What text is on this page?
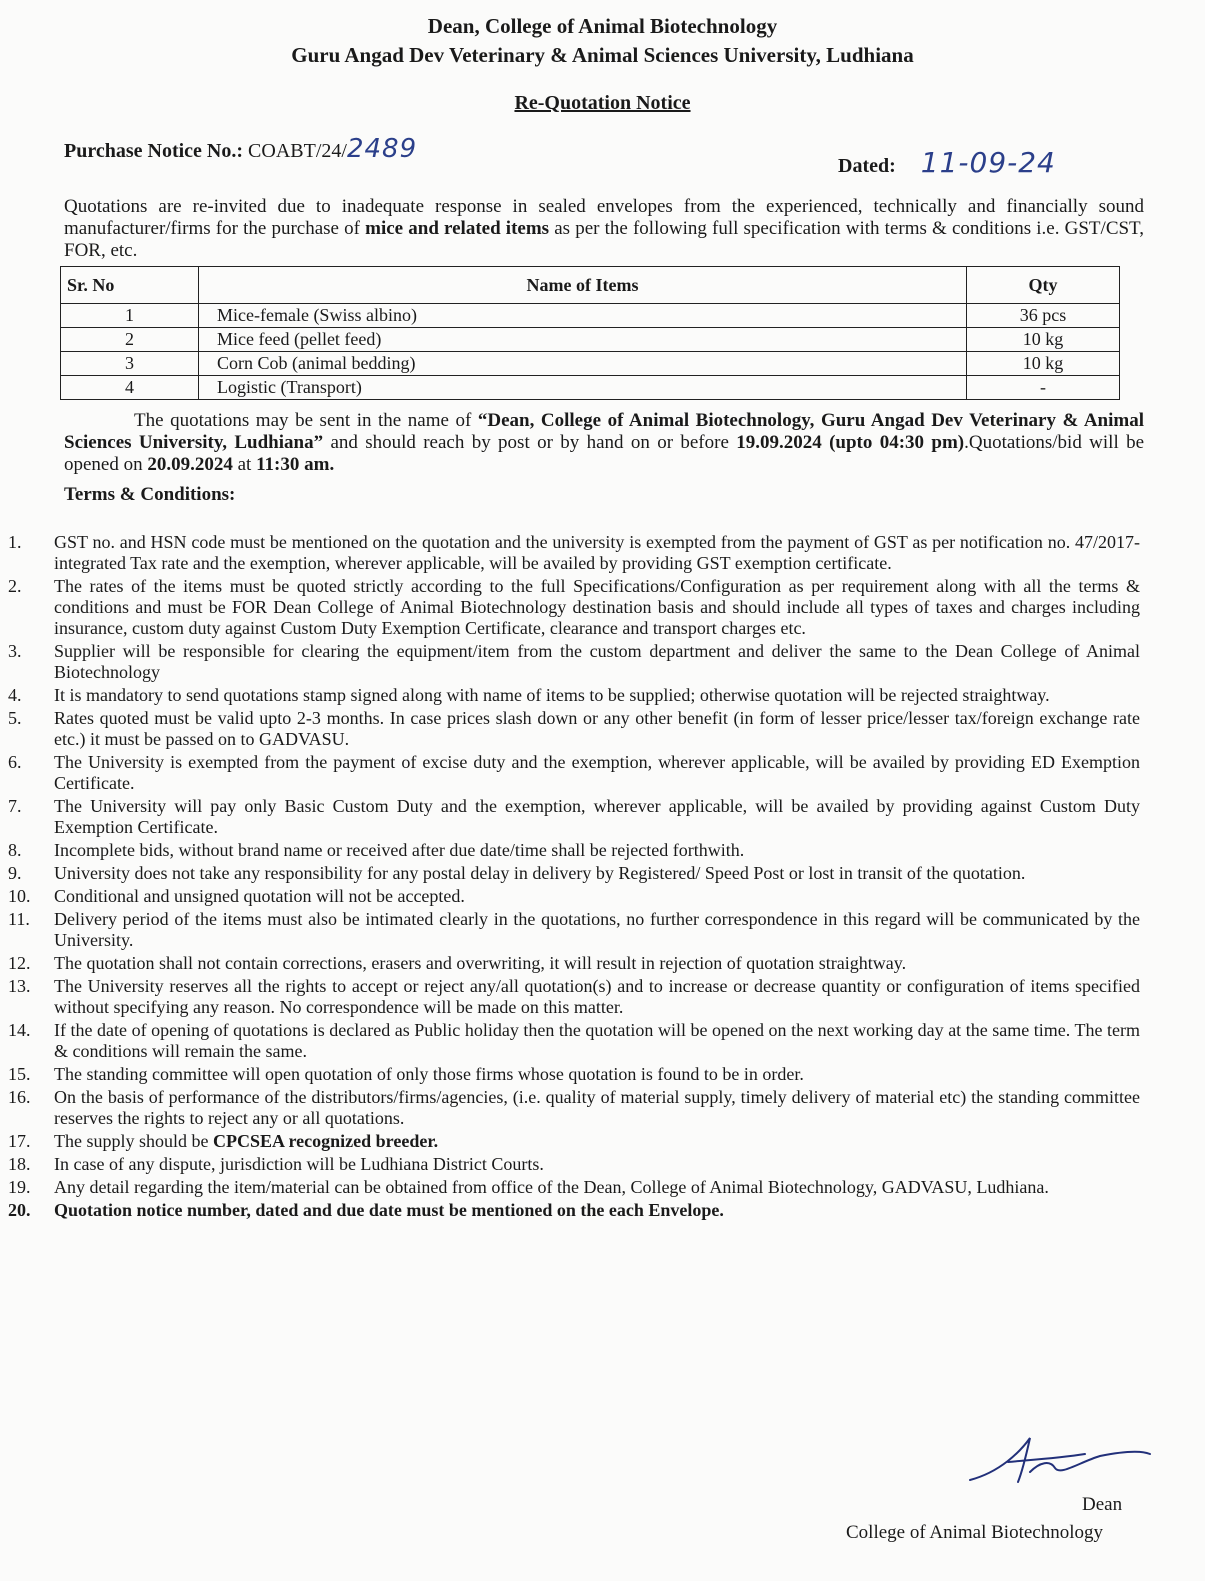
Dean, College of Animal Biotechnology
Guru Angad Dev Veterinary & Animal Sciences University, Ludhiana
Re-Quotation Notice
Purchase Notice No.: COABT/24/2489
Dated: 11-09-24
Quotations are re-invited due to inadequate response in sealed envelopes from the experienced, technically and financially sound manufacturer/firms for the purchase of mice and related items as per the following full specification with terms & conditions i.e. GST/CST, FOR, etc.
Sr. No	Name of Items	Qty
1	Mice-female (Swiss albino)	36 pcs
2	Mice feed (pellet feed)	10 kg
3	Corn Cob (animal bedding)	10 kg
4	Logistic (Transport)	-
The quotations may be sent in the name of “Dean, College of Animal Biotechnology, Guru Angad Dev Veterinary & Animal Sciences University, Ludhiana” and should reach by post or by hand on or before 19.09.2024 (upto 04:30 pm).Quotations/bid will be opened on 20.09.2024 at 11:30 am.
Terms & Conditions:
1.	GST no. and HSN code must be mentioned on the quotation and the university is exempted from the payment of GST as per notification no. 47/2017-integrated Tax rate and the exemption, wherever applicable, will be availed by providing GST exemption certificate.
2.	The rates of the items must be quoted strictly according to the full Specifications/Configuration as per requirement along with all the terms & conditions and must be FOR Dean College of Animal Biotechnology destination basis and should include all types of taxes and charges including insurance, custom duty against Custom Duty Exemption Certificate, clearance and transport charges etc.
3.	Supplier will be responsible for clearing the equipment/item from the custom department and deliver the same to the Dean College of Animal Biotechnology
4.	It is mandatory to send quotations stamp signed along with name of items to be supplied; otherwise quotation will be rejected straightway.
5.	Rates quoted must be valid upto 2-3 months. In case prices slash down or any other benefit (in form of lesser price/lesser tax/foreign exchange rate etc.) it must be passed on to GADVASU.
6.	The University is exempted from the payment of excise duty and the exemption, wherever applicable, will be availed by providing ED Exemption Certificate.
7.	The University will pay only Basic Custom Duty and the exemption, wherever applicable, will be availed by providing against Custom Duty Exemption Certificate.
8.	Incomplete bids, without brand name or received after due date/time shall be rejected forthwith.
9.	University does not take any responsibility for any postal delay in delivery by Registered/ Speed Post or lost in transit of the quotation.
10.	Conditional and unsigned quotation will not be accepted.
11.	Delivery period of the items must also be intimated clearly in the quotations, no further correspondence in this regard will be communicated by the University.
12.	The quotation shall not contain corrections, erasers and overwriting, it will result in rejection of quotation straightway.
13.	The University reserves all the rights to accept or reject any/all quotation(s) and to increase or decrease quantity or configuration of items specified without specifying any reason. No correspondence will be made on this matter.
14.	If the date of opening of quotations is declared as Public holiday then the quotation will be opened on the next working day at the same time. The term & conditions will remain the same.
15.	The standing committee will open quotation of only those firms whose quotation is found to be in order.
16.	On the basis of performance of the distributors/firms/agencies, (i.e. quality of material supply, timely delivery of material etc) the standing committee reserves the rights to reject any or all quotations.
17.	The supply should be CPCSEA recognized breeder.
18.	In case of any dispute, jurisdiction will be Ludhiana District Courts.
19.	Any detail regarding the item/material can be obtained from office of the Dean, College of Animal Biotechnology, GADVASU, Ludhiana.
20.	Quotation notice number, dated and due date must be mentioned on the each Envelope.
Dean
College of Animal Biotechnology
